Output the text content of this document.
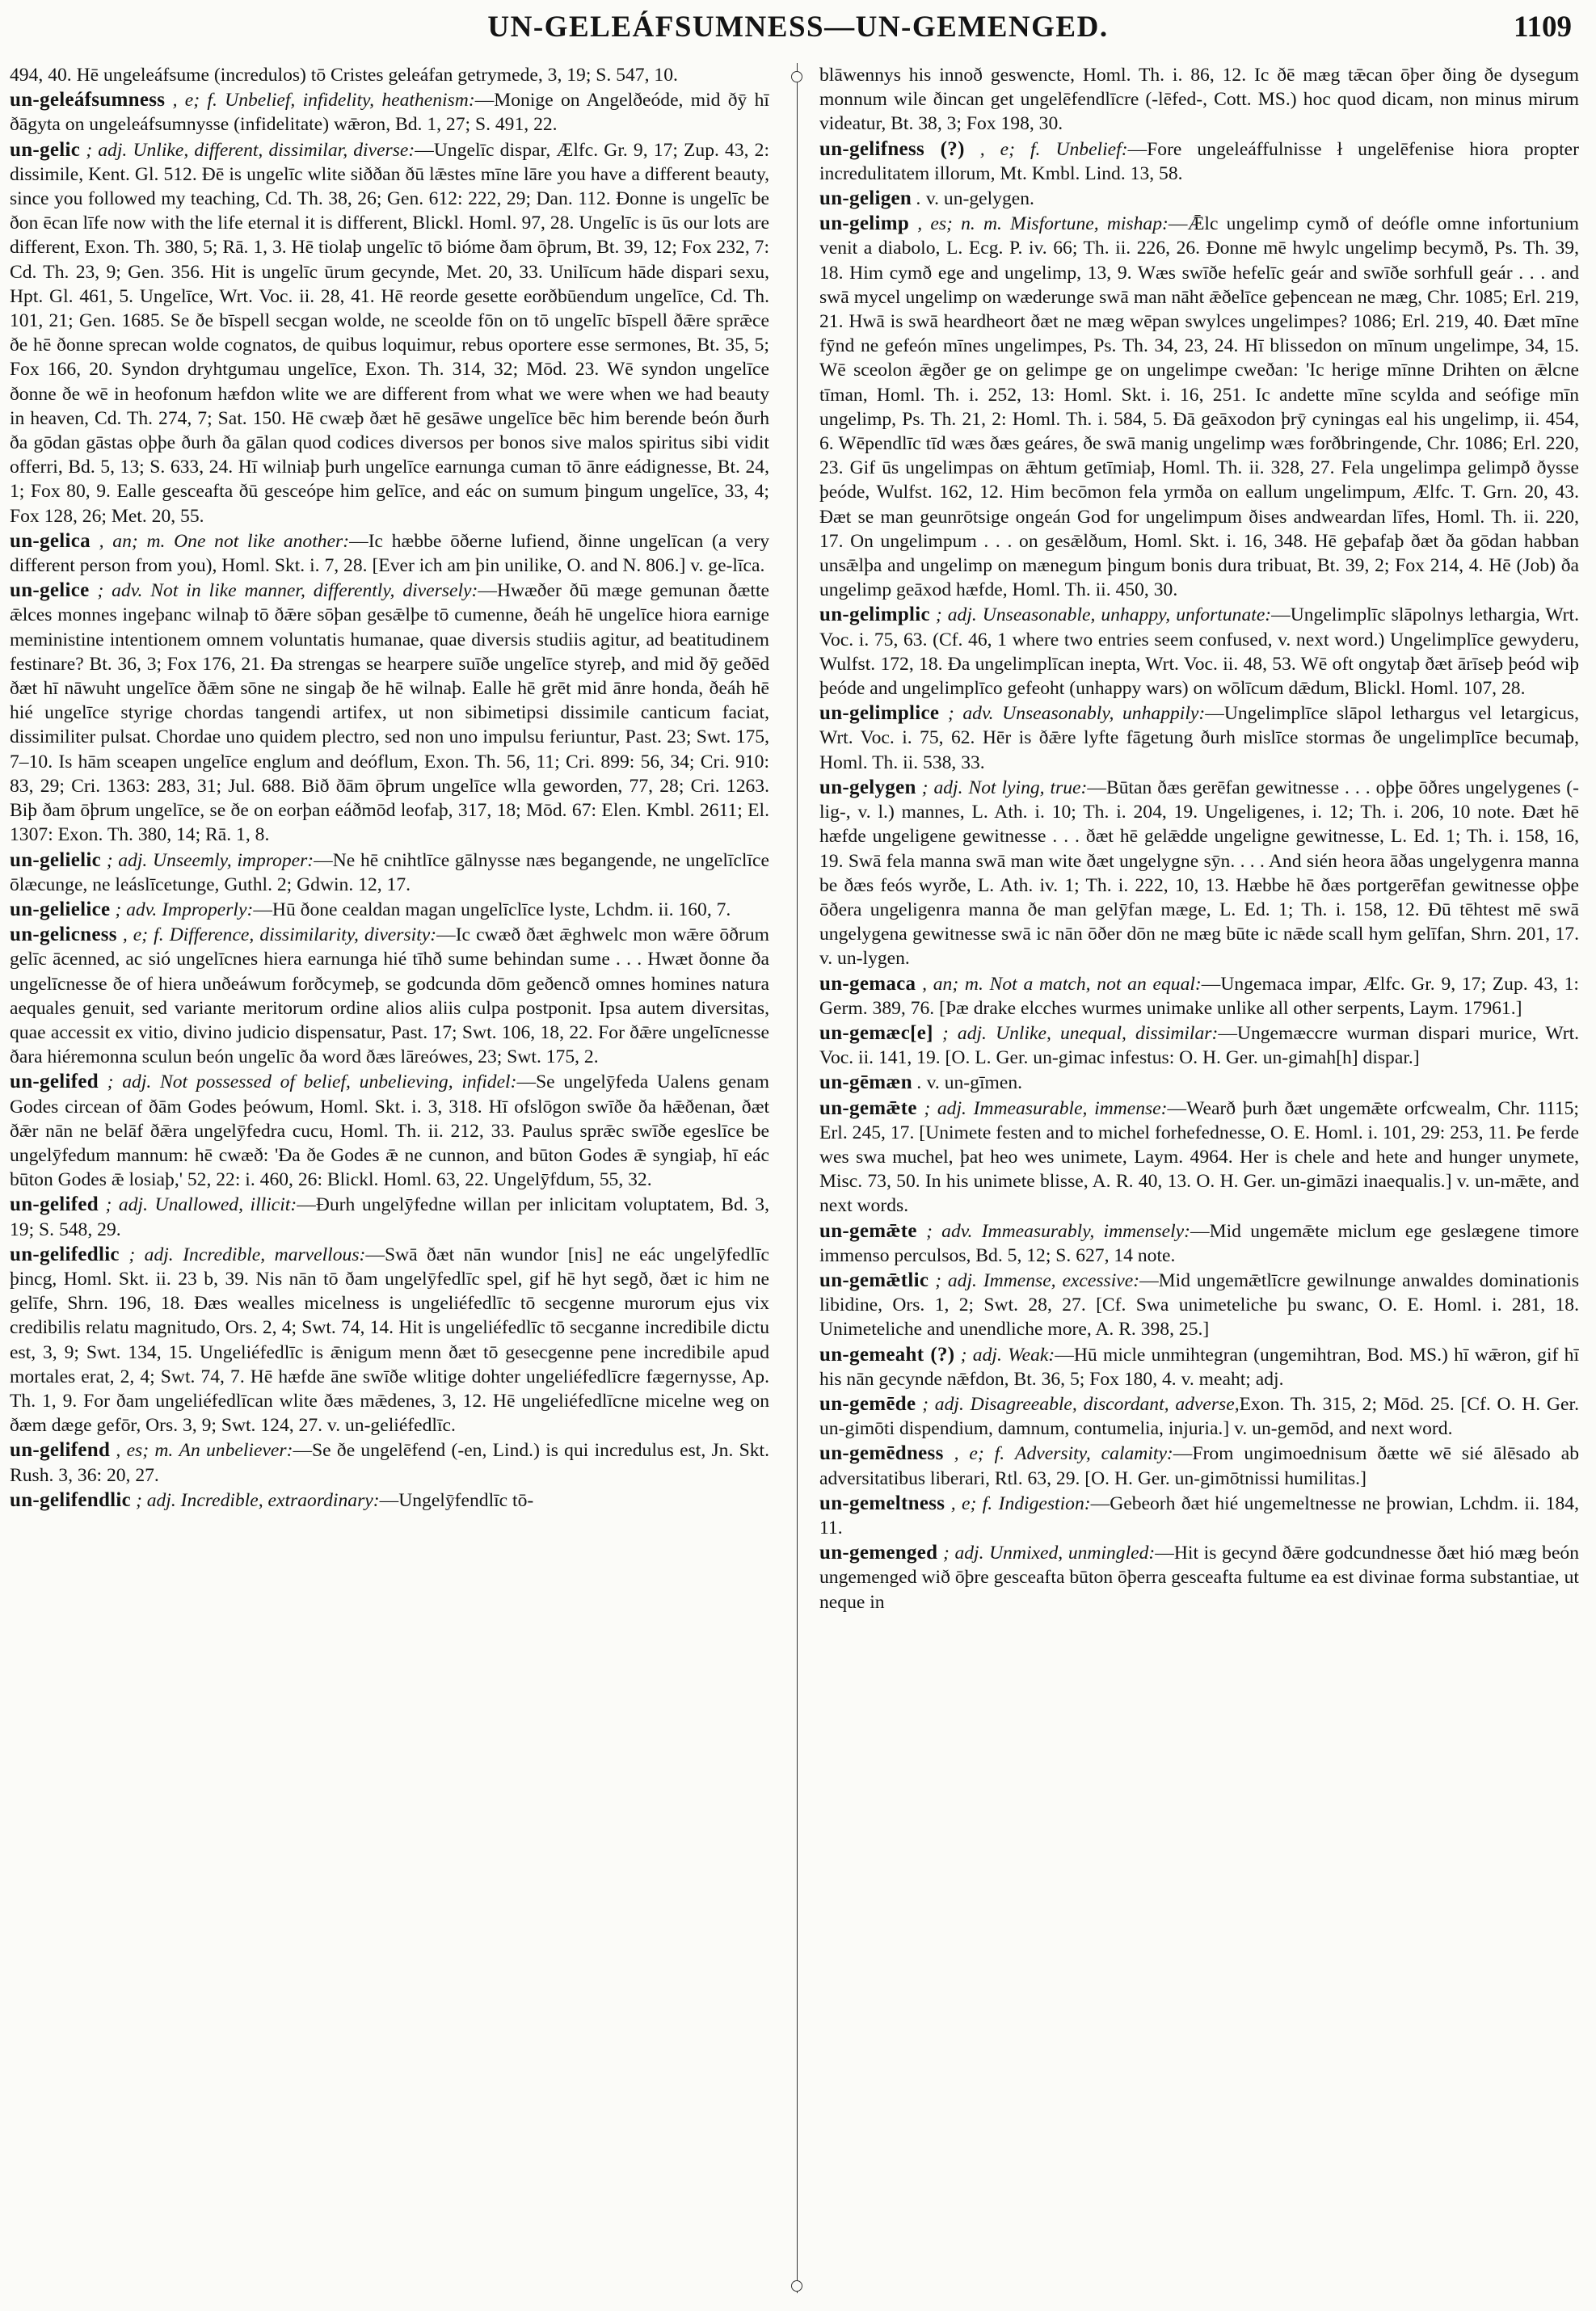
UN-GELEÁFSUMNESS—UN-GEMENGED.	1109

494, 40. Hē ungeleáfsume (incredulos) tō Cristes geleáfan getrymede, 3, 19; S. 547, 10.

un-geleáfsumness , e; f. Unbelief, infidelity, heathenism:—Monige on Angelðeóde, mid ðȳ hī ðāgyta on ungeleáfsumnysse (infidelitate) wǣron, Bd. 1, 27; S. 491, 22.

un-gelic ; adj. Unlike, different, dissimilar, diverse:—Ungelīc dispar, Ælfc. Gr. 9, 17; Zup. 43, 2: dissimile, Kent. Gl. 512. Ðē is ungelīc wlite siððan ðū lǣstes mīne lāre you have a different beauty, since you followed my teaching, Cd. Th. 38, 26; Gen. 612: 222, 29; Dan. 112. Ðonne is ungelīc be ðon ēcan līfe now with the life eternal it is different, Blickl. Homl. 97, 28. Ungelīc is ūs our lots are different, Exon. Th. 380, 5; Rā. 1, 3. Hē tiolaþ ungelīc tō bióme ðam ōþrum, Bt. 39, 12; Fox 232, 7: Cd. Th. 23, 9; Gen. 356. Hit is ungelīc ūrum gecynde, Met. 20, 33. Unilīcum hāde dispari sexu, Hpt. Gl. 461, 5. Ungelīce, Wrt. Voc. ii. 28, 41. Hē reorde gesette eorðbūendum ungelīce, Cd. Th. 101, 21; Gen. 1685. Se ðe bīspell secgan wolde, ne sceolde fōn on tō ungelīc bīspell ðǣre sprǣce ðe hē ðonne sprecan wolde cognatos, de quibus loquimur, rebus oportere esse sermones, Bt. 35, 5; Fox 166, 20. Syndon dryhtgumau ungelīce, Exon. Th. 314, 32; Mōd. 23. Wē syndon ungelīce ðonne ðe wē in heofonum hæfdon wlite we are different from what we were when we had beauty in heaven, Cd. Th. 274, 7; Sat. 150. Hē cwæþ ðæt hē gesāwe ungelīce bēc him berende beón ðurh ða gōdan gāstas oþþe ðurh ða gālan quod codices diversos per bonos sive malos spiritus sibi vidit offerri, Bd. 5, 13; S. 633, 24. Hī wilniaþ þurh ungelīce earnunga cuman tō ānre eádignesse, Bt. 24, 1; Fox 80, 9. Ealle gesceafta ðū gesceópe him gelīce, and eác on sumum þingum ungelīce, 33, 4; Fox 128, 26; Met. 20, 55.

un-gelica , an; m. One not like another:—Ic hæbbe ōðerne lufiend, ðinne ungelīcan (a very different person from you), Homl. Skt. i. 7, 28. [Ever ich am þin unilike, O. and N. 806.] v. ge-līca.

un-gelice ; adv. Not in like manner, differently, diversely:—Hwæðer ðū mæge gemunan ðætte ǣlces monnes ingeþanc wilnaþ tō ðǣre sōþan gesǣlþe tō cumenne, ðeáh hē ungelīce hiora earnige meministine intentionem omnem voluntatis humanae, quae diversis studiis agitur, ad beatitudinem festinare? Bt. 36, 3; Fox 176, 21. Ða strengas se hearpere suīðe ungelīce styreþ, and mid ðȳ geðēd ðæt hī nāwuht ungelīce ðǣm sōne ne singaþ ðe hē wilnaþ. Ealle hē grēt mid ānre honda, ðeáh hē hié ungelīce styrige chordas tangendi artifex, ut non sibimetipsi dissimile canticum faciat, dissimiliter pulsat. Chordae uno quidem plectro, sed non uno impulsu feriuntur, Past. 23; Swt. 175, 7–10. Is hām sceapen ungelīce englum and deóflum, Exon. Th. 56, 11; Cri. 899: 56, 34; Cri. 910: 83, 29; Cri. 1363: 283, 31; Jul. 688. Bið ðām ōþrum ungelīce wlla geworden, 77, 28; Cri. 1263. Biþ ðam ōþrum ungelīce, se ðe on eorþan eáðmōd leofaþ, 317, 18; Mōd. 67: Elen. Kmbl. 2611; El. 1307: Exon. Th. 380, 14; Rā. 1, 8.

un-gelielic ; adj. Unseemly, improper:—Ne hē cnihtlīce gālnysse næs begangende, ne ungelīclīce ōlæcunge, ne leáslīcetunge, Guthl. 2; Gdwin. 12, 17.

un-gelielice ; adv. Improperly:—Hū ðone cealdan magan ungelīclīce lyste, Lchdm. ii. 160, 7.

un-gelicness , e; f. Difference, dissimilarity, diversity:—Ic cwæð ðæt ǣghwelc mon wǣre ōðrum gelīc ācenned, ac sió ungelīcnes hiera earnunga hié tīhð sume behindan sume . . . Hwæt ðonne ða ungelīcnesse ðe of hiera unðeáwum forðcymeþ, se godcunda dōm geðencð omnes homines natura aequales genuit, sed variante meritorum ordine alios aliis culpa postponit. Ipsa autem diversitas, quae accessit ex vitio, divino judicio dispensatur, Past. 17; Swt. 106, 18, 22. For ðǣre ungelīcnesse ðara hiéremonna sculun beón ungelīc ða word ðæs lāreówes, 23; Swt. 175, 2.

un-gelifed ; adj. Not possessed of belief, unbelieving, infidel:—Se ungelȳfeda Ualens genam Godes circean of ðām Godes þeówum, Homl. Skt. i. 3, 318. Hī ofslōgon swīðe ða hǣðenan, ðæt ðǣr nān ne belāf ðǣra ungelȳfedra cucu, Homl. Th. ii. 212, 33. Paulus sprǣc swīðe egeslīce be ungelȳfedum mannum: hē cwæð: 'Ða ðe Godes ǣ ne cunnon, and būton Godes ǣ syngiaþ, hī eác būton Godes ǣ losiaþ,' 52, 22: i. 460, 26: Blickl. Homl. 63, 22. Ungelȳfdum, 55, 32.

un-gelifed ; adj. Unallowed, illicit:—Ðurh ungelȳfedne willan per inlicitam voluptatem, Bd. 3, 19; S. 548, 29.

un-gelifedlic ; adj. Incredible, marvellous:—Swā ðæt nān wundor [nis] ne eác ungelȳfedlīc þincg, Homl. Skt. ii. 23 b, 39. Nis nān tō ðam ungelȳfedlīc spel, gif hē hyt segð, ðæt ic him ne gelīfe, Shrn. 196, 18. Ðæs wealles micelness is ungeliéfedlīc tō secgenne murorum ejus vix credibilis relatu magnitudo, Ors. 2, 4; Swt. 74, 14. Hit is ungeliéfedlīc tō secganne incredibile dictu est, 3, 9; Swt. 134, 15. Ungeliéfedlīc is ǣnigum menn ðæt tō gesecgenne pene incredibile apud mortales erat, 2, 4; Swt. 74, 7. Hē hæfde āne swīðe wlitige dohter ungeliéfedlīcre fægernysse, Ap. Th. 1, 9. For ðam ungeliéfedlīcan wlite ðæs mǣdenes, 3, 12. Hē ungeliéfedlīcne micelne weg on ðæm dæge gefōr, Ors. 3, 9; Swt. 124, 27. v. un-geliéfedlīc.

un-gelifend , es; m. An unbeliever:—Se ðe ungelēfend (-en, Lind.) is qui incredulus est, Jn. Skt. Rush. 3, 36: 20, 27.

un-gelifendlic ; adj. Incredible, extraordinary:—Ungelȳfendlīc tō-

blāwennys his innoð geswencte, Homl. Th. i. 86, 12. Ic ðē mæg tǣcan ōþer ðing ðe dysegum monnum wile ðincan get ungelēfendlīcre (-lēfed-, Cott. MS.) hoc quod dicam, non minus mirum videatur, Bt. 38, 3; Fox 198, 30.

un-gelifness (?) , e; f. Unbelief:—Fore ungeleáffulnisse ł ungelēfenise hiora propter incredulitatem illorum, Mt. Kmbl. Lind. 13, 58.

un-geligen . v. un-gelygen.

un-gelimp , es; n. m. Misfortune, mishap:—Ǣlc ungelimp cymð of deófle omne infortunium venit a diabolo, L. Ecg. P. iv. 66; Th. ii. 226, 26. Ðonne mē hwylc ungelimp becymð, Ps. Th. 39, 18. Him cymð ege and ungelimp, 13, 9. Wæs swīðe hefelīc geár and swīðe sorhfull geár . . . and swā mycel ungelimp on wæderunge swā man nāht ǣðelīce geþencean ne mæg, Chr. 1085; Erl. 219, 21. Hwā is swā heardheort ðæt ne mæg wēpan swylces ungelimpes? 1086; Erl. 219, 40. Ðæt mīne fȳnd ne gefeón mīnes ungelimpes, Ps. Th. 34, 23, 24. Hī blissedon on mīnum ungelimpe, 34, 15. Wē sceolon ǣgðer ge on gelimpe ge on ungelimpe cweðan: 'Ic herige mīnne Drihten on ǣlcne tīman, Homl. Th. i. 252, 13: Homl. Skt. i. 16, 251. Ic andette mīne scylda and seófige mīn ungelimp, Ps. Th. 21, 2: Homl. Th. i. 584, 5. Ðā geāxodon þrȳ cyningas eal his ungelimp, ii. 454, 6. Wēpendlīc tīd wæs ðæs geáres, ðe swā manig ungelimp wæs forðbringende, Chr. 1086; Erl. 220, 23. Gif ūs ungelimpas on ǣhtum getīmiaþ, Homl. Th. ii. 328, 27. Fela ungelimpa gelimpð ðysse þeóde, Wulfst. 162, 12. Him becōmon fela yrmða on eallum ungelimpum, Ælfc. T. Grn. 20, 43. Ðæt se man geunrōtsige ongeán God for ungelimpum ðises andweardan līfes, Homl. Th. ii. 220, 17. On ungelimpum . . . on gesǣlðum, Homl. Skt. i. 16, 348. Hē geþafaþ ðæt ða gōdan habban unsǣlþa and ungelimp on mænegum þingum bonis dura tribuat, Bt. 39, 2; Fox 214, 4. Hē (Job) ða ungelimp geāxod hæfde, Homl. Th. ii. 450, 30.

un-gelimplic ; adj. Unseasonable, unhappy, unfortunate:—Ungelimplīc slāpolnys lethargia, Wrt. Voc. i. 75, 63. (Cf. 46, 1 where two entries seem confused, v. next word.) Ungelimplīce gewyderu, Wulfst. 172, 18. Ða ungelimplīcan inepta, Wrt. Voc. ii. 48, 53. Wē oft ongytaþ ðæt ārīseþ þeód wiþ þeóde and ungelimplīco gefeoht (unhappy wars) on wōlīcum dǣdum, Blickl. Homl. 107, 28.

un-gelimplice ; adv. Unseasonably, unhappily:—Ungelimplīce slāpol lethargus vel letargicus, Wrt. Voc. i. 75, 62. Hēr is ðǣre lyfte fāgetung ðurh mislīce stormas ðe ungelimplīce becumaþ, Homl. Th. ii. 538, 33.

un-gelygen ; adj. Not lying, true:—Būtan ðæs gerēfan gewitnesse . . . oþþe ōðres ungelygenes (-lig-, v. l.) mannes, L. Ath. i. 10; Th. i. 204, 19. Ungeligenes, i. 12; Th. i. 206, 10 note. Ðæt hē hæfde ungeligene gewitnesse . . . ðæt hē gelǣdde ungeligne gewitnesse, L. Ed. 1; Th. i. 158, 16, 19. Swā fela manna swā man wite ðæt ungelygne sȳn. . . . And sién heora āðas ungelygenra manna be ðæs feós wyrðe, L. Ath. iv. 1; Th. i. 222, 10, 13. Hæbbe hē ðæs portgerēfan gewitnesse oþþe ōðera ungeligenra manna ðe man gelȳfan mæge, L. Ed. 1; Th. i. 158, 12. Ðū tēhtest mē swā ungelygena gewitnesse swā ic nān ōðer dōn ne mæg būte ic nǣde scall hym gelīfan, Shrn. 201, 17. v. un-lygen.

un-gemaca , an; m. Not a match, not an equal:—Ungemaca impar, Ælfc. Gr. 9, 17; Zup. 43, 1: Germ. 389, 76. [Þæ drake elcches wurmes unimake unlike all other serpents, Laym. 17961.]

un-gemæc[e] ; adj. Unlike, unequal, dissimilar:—Ungemæccre wurman dispari murice, Wrt. Voc. ii. 141, 19. [O. L. Ger. un-gimac infestus: O. H. Ger. un-gimah[h] dispar.]

un-gēmæn . v. un-gīmen.

un-gemǣte ; adj. Immeasurable, immense:—Wearð þurh ðæt ungemǣte orfcwealm, Chr. 1115; Erl. 245, 17. [Unimete festen and to michel forhefednesse, O. E. Homl. i. 101, 29: 253, 11. Þe ferde wes swa muchel, þat heo wes unimete, Laym. 4964. Her is chele and hete and hunger unymete, Misc. 73, 50. In his unimete blisse, A. R. 40, 13. O. H. Ger. un-gimāzi inaequalis.] v. un-mǣte, and next words.

un-gemǣte ; adv. Immeasurably, immensely:—Mid ungemǣte miclum ege geslægene timore immenso perculsos, Bd. 5, 12; S. 627, 14 note.

un-gemǣtlic ; adj. Immense, excessive:—Mid ungemǣtlīcre gewilnunge anwaldes dominationis libidine, Ors. 1, 2; Swt. 28, 27. [Cf. Swa unimeteliche þu swanc, O. E. Homl. i. 281, 18. Unimeteliche and unendliche more, A. R. 398, 25.]

un-gemeaht (?) ; adj. Weak:—Hū micle unmihtegran (ungemihtran, Bod. MS.) hī wǣron, gif hī his nān gecynde nǣfdon, Bt. 36, 5; Fox 180, 4. v. meaht; adj.

un-gemēde ; adj. Disagreeable, discordant, adverse,Exon. Th. 315, 2; Mōd. 25. [Cf. O. H. Ger. un-gimōti dispendium, damnum, contumelia, injuria.] v. un-gemōd, and next word.

un-gemēdness , e; f. Adversity, calamity:—From ungimoednisum ðætte wē sié ālēsado ab adversitatibus liberari, Rtl. 63, 29. [O. H. Ger. un-gimōtnissi humilitas.]

un-gemeltness , e; f. Indigestion:—Gebeorh ðæt hié ungemeltnesse ne þrowian, Lchdm. ii. 184, 11.

un-gemenged ; adj. Unmixed, unmingled:—Hit is gecynd ðǣre godcundnesse ðæt hió mæg beón ungemenged wið ōþre gesceafta būton ōþerra gesceafta fultume ea est divinae forma substantiae, ut neque in
